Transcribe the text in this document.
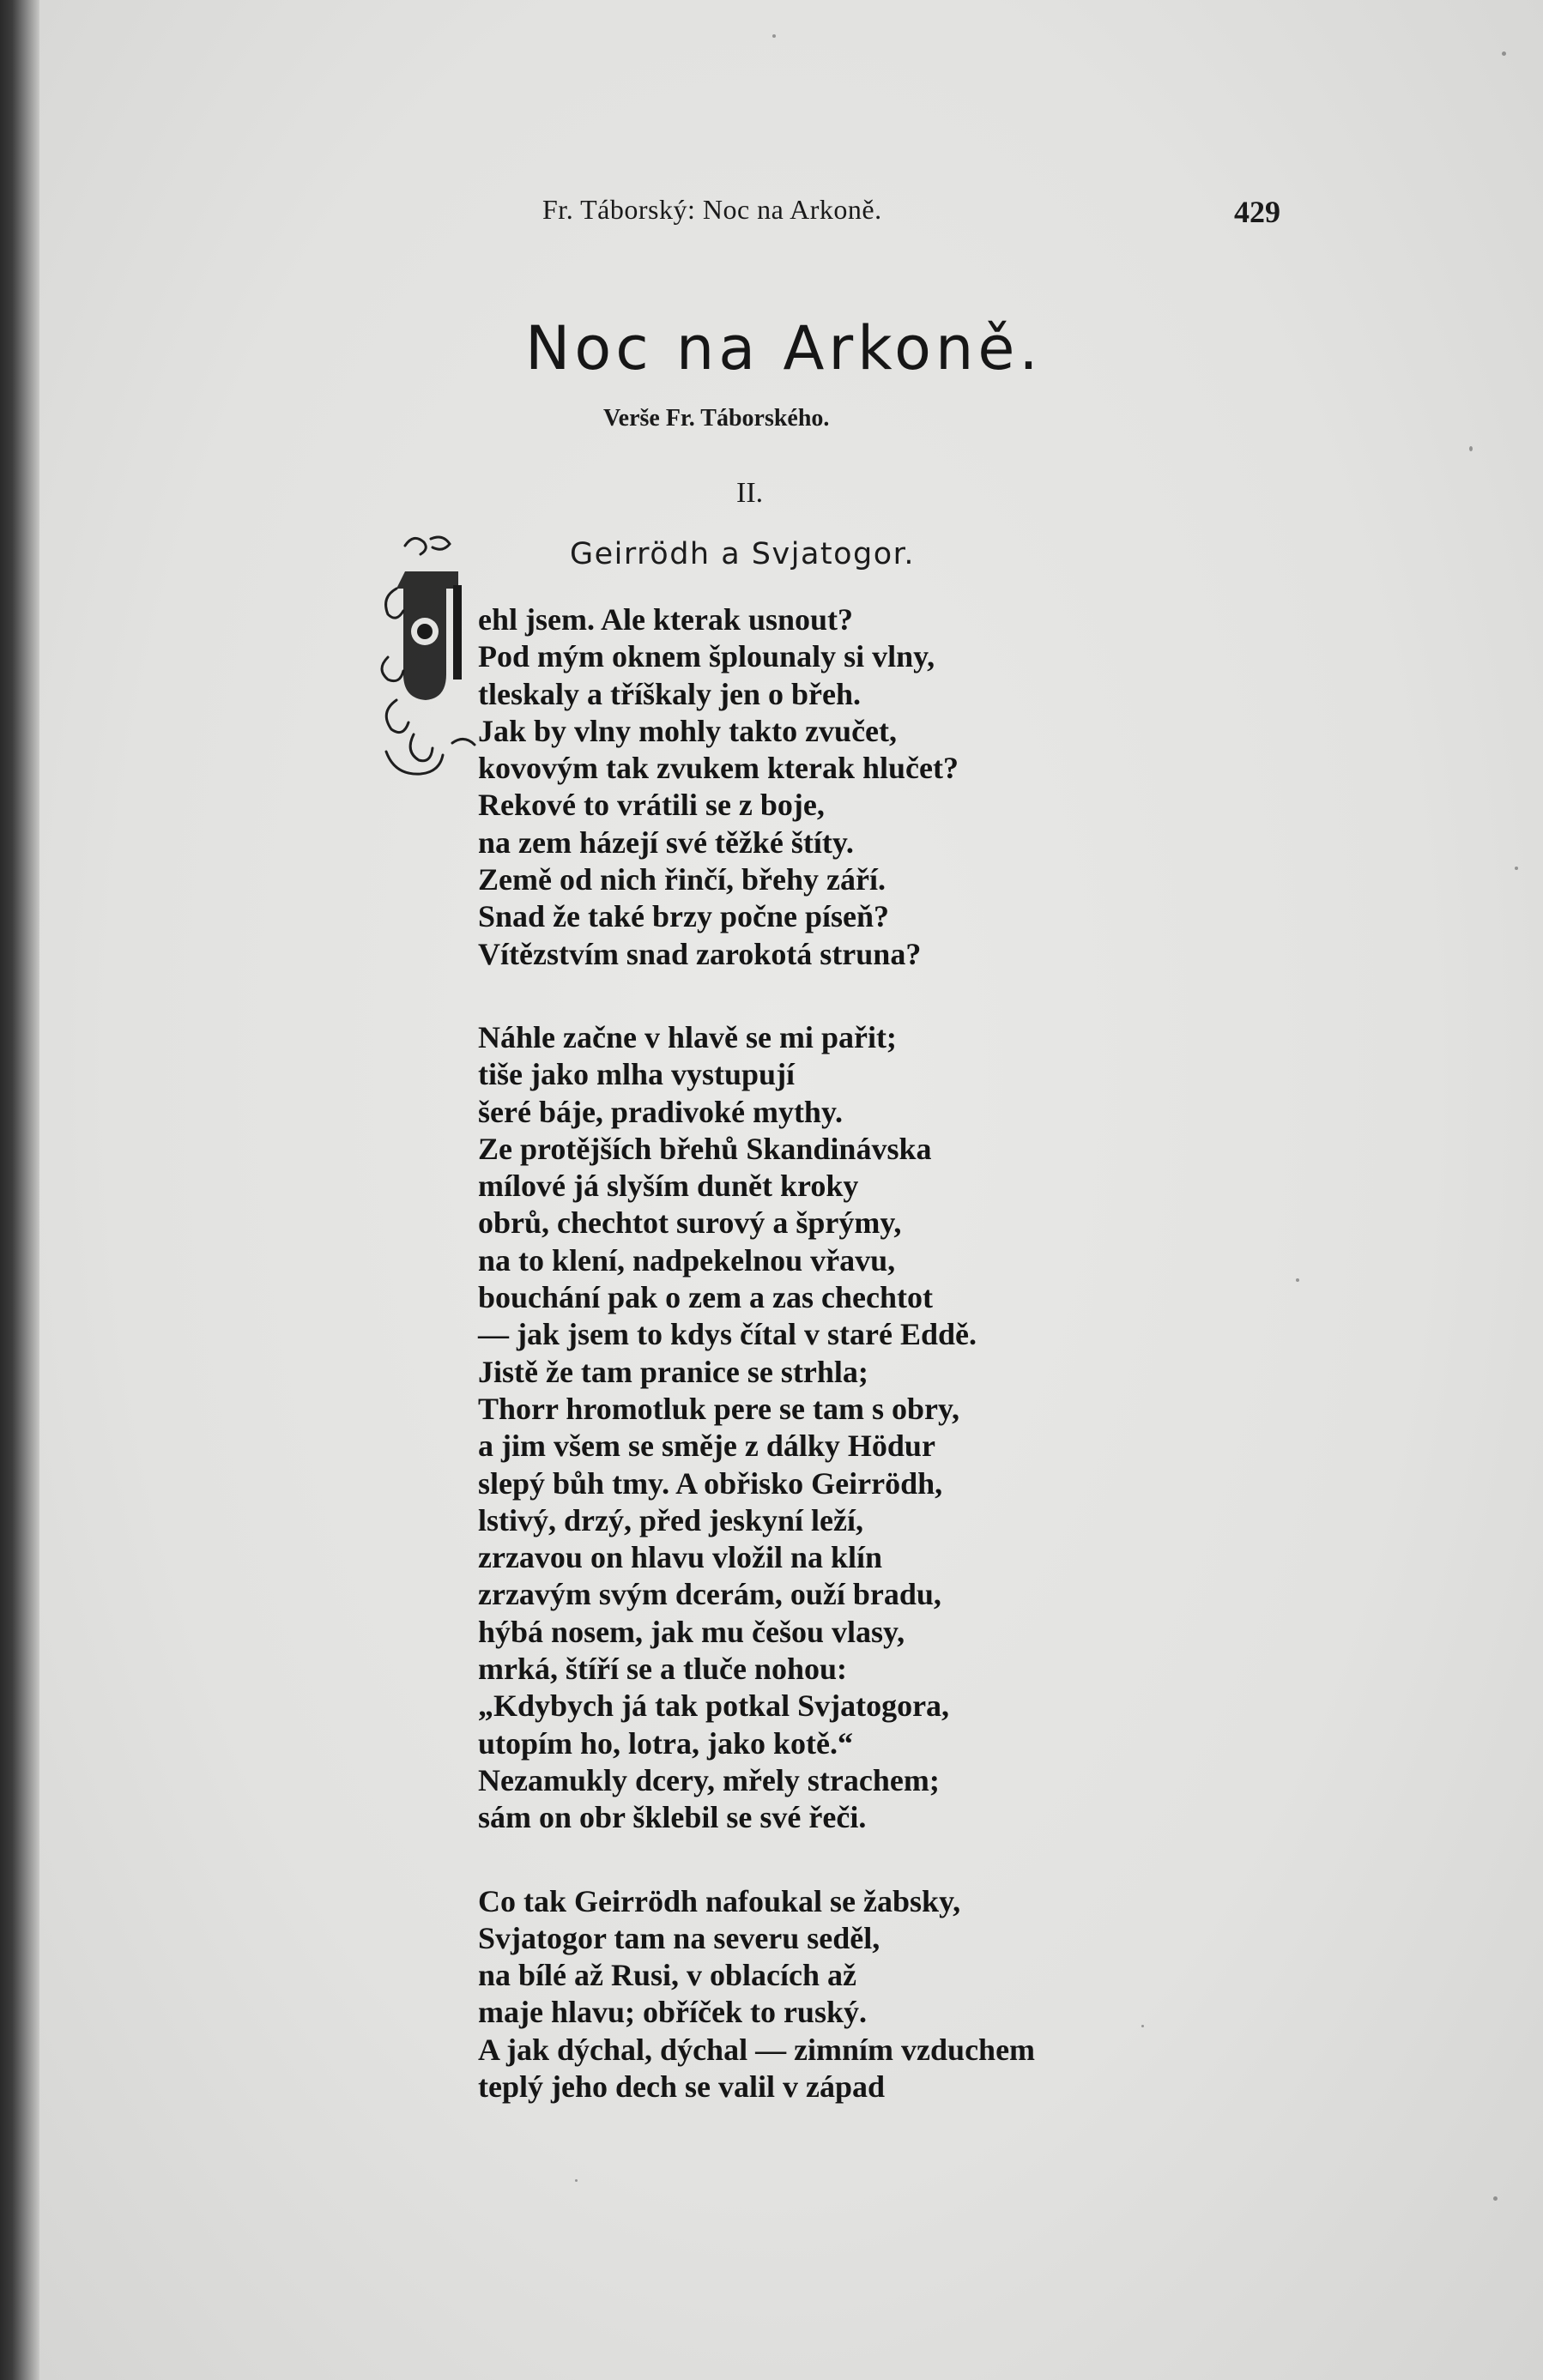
Fr. Táborský: Noc na Arkoně.	429
Noc na Arkoně.
Verše Fr. Táborského.
II.
Geirrödh a Svjatogor.
ehl jsem. Ale kterak usnout?
Pod mým oknem šplounaly si vlny,
tleskaly a tříškaly jen o břeh.
Jak by vlny mohly takto zvučet,
kovovým tak zvukem kterak hlučet?
Rekové to vrátili se z boje,
na zem házejí své těžké štíty.
Země od nich řinčí, břehy září.
Snad že také brzy počne píseň?
Vítězstvím snad zarokotá struna?
Náhle začne v hlavě se mi pařit;
tiše jako mlha vystupují
šeré báje, pradivoké mythy.
Ze protějších břehů Skandinávska
mílové já slyším dunět kroky
obrů, chechtot surový a šprýmy,
na to klení, nadpekelnou vřavu,
bouchání pak o zem a zas chechtot
— jak jsem to kdys čítal v staré Eddě.
Jistě že tam pranice se strhla;
Thorr hromotluk pere se tam s obry,
a jim všem se směje z dálky Hödur
slepý bůh tmy. A obřisko Geirrödh,
lstivý, drzý, před jeskyní leží,
zrzavou on hlavu vložil na klín
zrzavým svým dcerám, ouží bradu,
hýbá nosem, jak mu češou vlasy,
mrká, štíří se a tluče nohou:
„Kdybych já tak potkal Svjatogora,
utopím ho, lotra, jako kotě.“
Nezamukly dcery, mřely strachem;
sám on obr šklebil se své řeči.
Co tak Geirrödh nafoukal se žabsky,
Svjatogor tam na severu seděl,
na bílé až Rusi, v oblacích až
maje hlavu; obříček to ruský.
A jak dýchal, dýchal — zimním vzduchem
teplý jeho dech se valil v západ
